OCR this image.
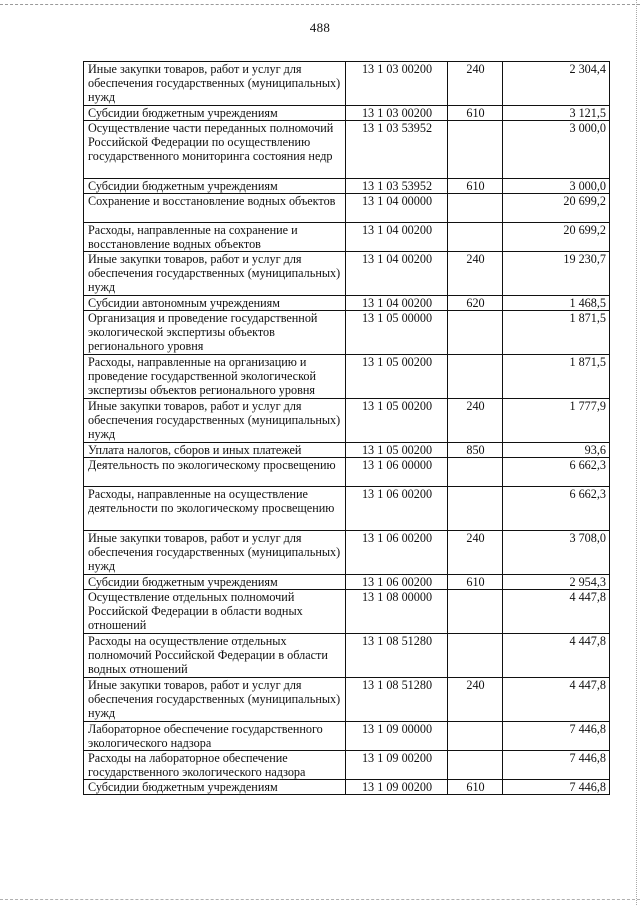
488
Иные закупки товаров, работ и услуг для обеспечения государственных (муниципальных) нужд	13 1 03 00200	240	2 304,4
Субсидии бюджетным учреждениям	13 1 03 00200	610	3 121,5
Осуществление части переданных полномочий Российской Федерации по осуществлению государственного мониторинга состояния недр	13 1 03 53952		3 000,0
Субсидии бюджетным учреждениям	13 1 03 53952	610	3 000,0
Сохранение и восстановление водных объектов	13 1 04 00000		20 699,2
Расходы, направленные на сохранение и восстановление водных объектов	13 1 04 00200		20 699,2
Иные закупки товаров, работ и услуг для обеспечения государственных (муниципальных) нужд	13 1 04 00200	240	19 230,7
Субсидии автономным учреждениям	13 1 04 00200	620	1 468,5
Организация и проведение государственной экологической экспертизы объектов регионального уровня	13 1 05 00000		1 871,5
Расходы, направленные на организацию и проведение государственной экологической экспертизы объектов регионального уровня	13 1 05 00200		1 871,5
Иные закупки товаров, работ и услуг для обеспечения государственных (муниципальных) нужд	13 1 05 00200	240	1 777,9
Уплата налогов, сборов и иных платежей	13 1 05 00200	850	93,6
Деятельность по экологическому просвещению	13 1 06 00000		6 662,3
Расходы, направленные на осуществление деятельности по экологическому просвещению	13 1 06 00200		6 662,3
Иные закупки товаров, работ и услуг для обеспечения государственных (муниципальных) нужд	13 1 06 00200	240	3 708,0
Субсидии бюджетным учреждениям	13 1 06 00200	610	2 954,3
Осуществление отдельных полномочий Российской Федерации в области водных отношений	13 1 08 00000		4 447,8
Расходы на осуществление отдельных полномочий Российской Федерации в области водных отношений	13 1 08 51280		4 447,8
Иные закупки товаров, работ и услуг для обеспечения государственных (муниципальных) нужд	13 1 08 51280	240	4 447,8
Лабораторное обеспечение государственного экологического надзора	13 1 09 00000		7 446,8
Расходы на лабораторное обеспечение государственного экологического надзора	13 1 09 00200		7 446,8
Субсидии бюджетным учреждениям	13 1 09 00200	610	7 446,8
